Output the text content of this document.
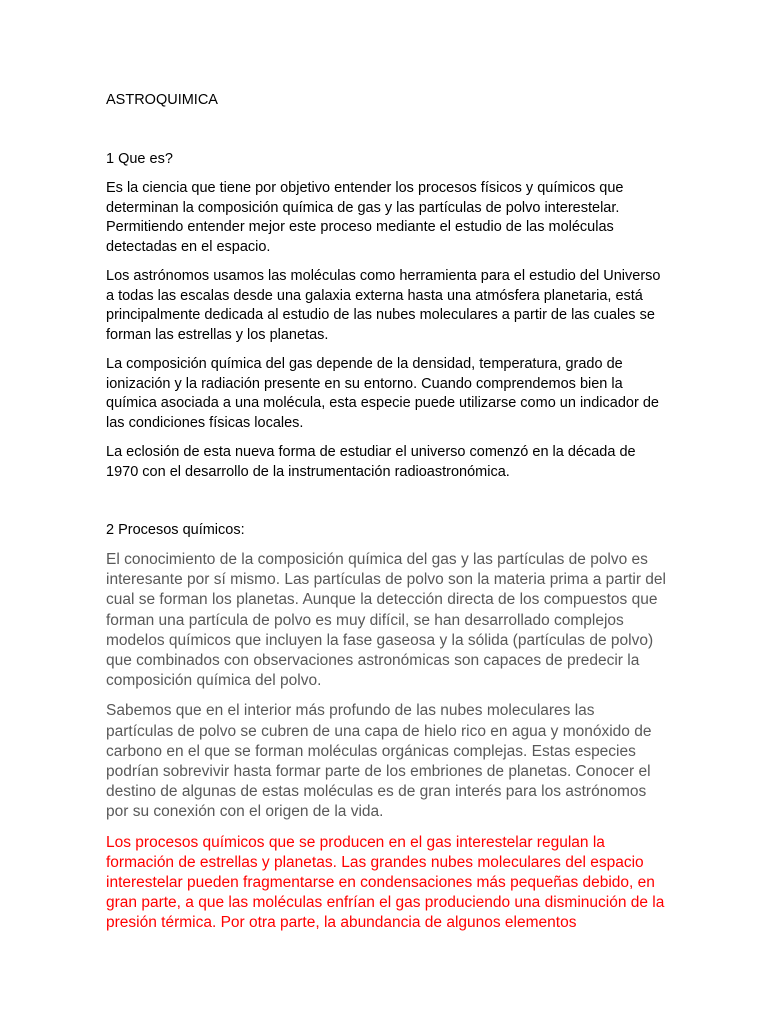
ASTROQUIMICA
1 Que es?

Es la ciencia que tiene por objetivo entender los procesos físicos y químicos que determinan la composición química de gas y las partículas de polvo interestelar. Permitiendo entender mejor este proceso mediante el estudio de las moléculas detectadas en el espacio.

Los astrónomos usamos las moléculas como herramienta para el estudio del Universo a todas las escalas desde una galaxia externa hasta una atmósfera planetaria, está principalmente dedicada al estudio de las nubes moleculares a partir de las cuales se forman las estrellas y los planetas.

La composición química del gas depende de la densidad, temperatura, grado de ionización y la radiación presente en su entorno. Cuando comprendemos bien la química asociada a una molécula, esta especie puede utilizarse como un indicador de las condiciones físicas locales.

La eclosión de esta nueva forma de estudiar el universo comenzó en la década de 1970 con el desarrollo de la instrumentación radioastronómica.

2 Procesos químicos:

El conocimiento de la composición química del gas y las partículas de polvo es interesante por sí mismo. Las partículas de polvo son la materia prima a partir del cual se forman los planetas. Aunque la detección directa de los compuestos que forman una partícula de polvo es muy difícil, se han desarrollado complejos modelos químicos que incluyen la fase gaseosa y la sólida (partículas de polvo) que combinados con observaciones astronómicas son capaces de predecir la composición química del polvo.

Sabemos que en el interior más profundo de las nubes moleculares las partículas de polvo se cubren de una capa de hielo rico en agua y monóxido de carbono en el que se forman moléculas orgánicas complejas. Estas especies podrían sobrevivir hasta formar parte de los embriones de planetas. Conocer el destino de algunas de estas moléculas es de gran interés para los astrónomos por su conexión con el origen de la vida.

Los procesos químicos que se producen en el gas interestelar regulan la formación de estrellas y planetas. Las grandes nubes moleculares del espacio interestelar pueden fragmentarse en condensaciones más pequeñas debido, en gran parte, a que las moléculas enfrían el gas produciendo una disminución de la presión térmica. Por otra parte, la abundancia de algunos elementos
